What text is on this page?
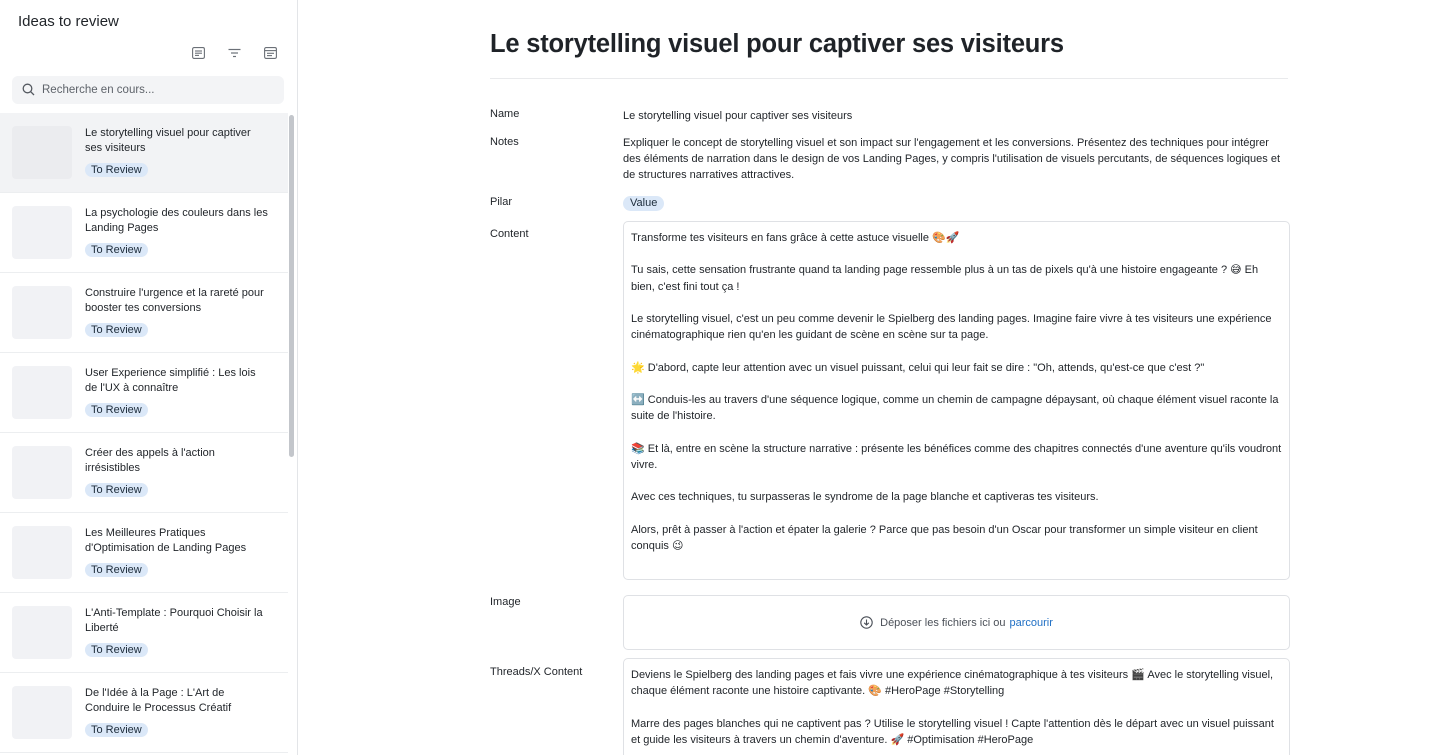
Ideas to review
Recherche en cours...
Le storytelling visuel pour captiver ses visiteurs
To Review
La psychologie des couleurs dans les Landing Pages
To Review
Construire l'urgence et la rareté pour booster tes conversions
To Review
User Experience simplifié : Les lois de l'UX à connaître
To Review
Créer des appels à l'action irrésistibles
To Review
Les Meilleures Pratiques d'Optimisation de Landing Pages
To Review
L'Anti-Template : Pourquoi Choisir la Liberté
To Review
De l'Idée à la Page : L'Art de Conduire le Processus Créatif
To Review
Le storytelling visuel pour captiver ses visiteurs
Name	Le storytelling visuel pour captiver ses visiteurs
Notes	Expliquer le concept de storytelling visuel et son impact sur l'engagement et les conversions. Présentez des techniques pour intégrer des éléments de narration dans le design de vos Landing Pages, y compris l'utilisation de visuels percutants, de séquences logiques et de structures narratives attractives.
Pilar	Value
Content	Transforme tes visiteurs en fans grâce à cette astuce visuelle 🎨🚀

Tu sais, cette sensation frustrante quand ta landing page ressemble plus à un tas de pixels qu'à une histoire engageante ? 😅 Eh bien, c'est fini tout ça !

Le storytelling visuel, c'est un peu comme devenir le Spielberg des landing pages. Imagine faire vivre à tes visiteurs une expérience cinématographique rien qu'en les guidant de scène en scène sur ta page.

🌟 D'abord, capte leur attention avec un visuel puissant, celui qui leur fait se dire : "Oh, attends, qu'est-ce que c'est ?"

↔️ Conduis-les au travers d'une séquence logique, comme un chemin de campagne dépaysant, où chaque élément visuel raconte la suite de l'histoire.

📚 Et là, entre en scène la structure narrative : présente les bénéfices comme des chapitres connectés d'une aventure qu'ils voudront vivre.

Avec ces techniques, tu surpasseras le syndrome de la page blanche et captiveras tes visiteurs.

Alors, prêt à passer à l'action et épater la galerie ? Parce que pas besoin d'un Oscar pour transformer un simple visiteur en client conquis 😉

Image
Déposer les fichiers ici ou parcourir
Threads/X Content	Deviens le Spielberg des landing pages et fais vivre une expérience cinématographique à tes visiteurs 🎬 Avec le storytelling visuel, chaque élément raconte une histoire captivante. 🎨 #HeroPage #Storytelling

Marre des pages blanches qui ne captivent pas ? Utilise le storytelling visuel ! Capte l'attention dès le départ avec un visuel puissant et guide les visiteurs à travers un chemin d'aventure. 🚀 #Optimisation #HeroPage
